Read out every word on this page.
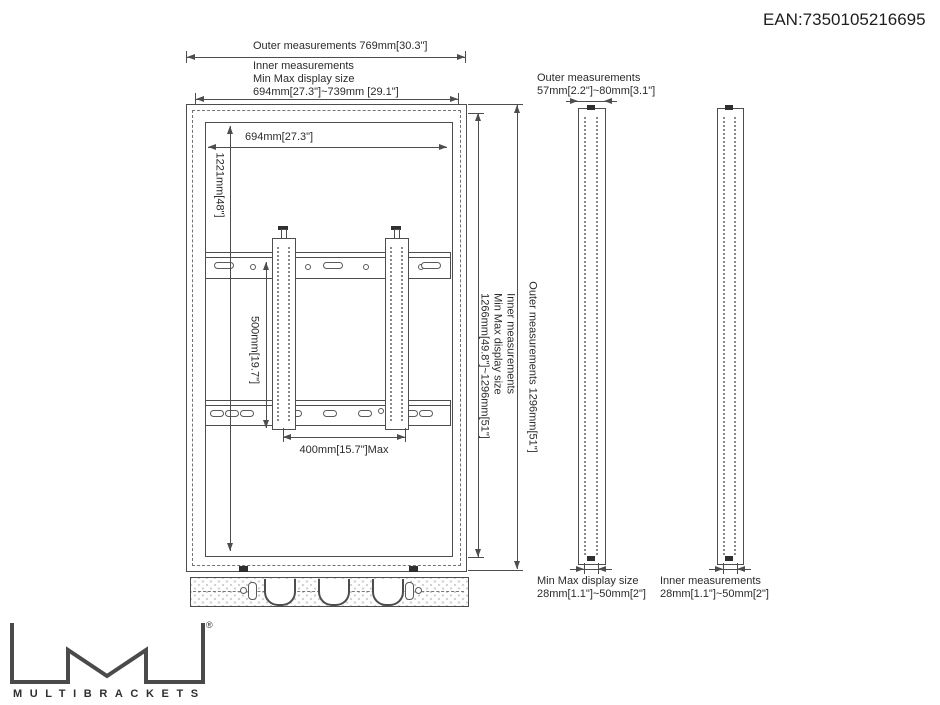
EAN:7350105216695
Outer measurements 769mm[30.3"]
Inner measurements
Min Max display size
694mm[27.3"]~739mm [29.1"]
694mm[27.3"]
1221mm[48"]
500mm[19.7"]
400mm[15.7"]Max
Inner measurements
Min Max display size
1266mm[49.8"]~1296mm[51"]	Outer measurements 1296mm[51"]
Outer measurements
57mm[2.2"]~80mm[3.1"]
Min Max display size
28mm[1.1"]~50mm[2"]
Inner measurements
28mm[1.1"]~50mm[2"]
®
MULTIBRACKETS
